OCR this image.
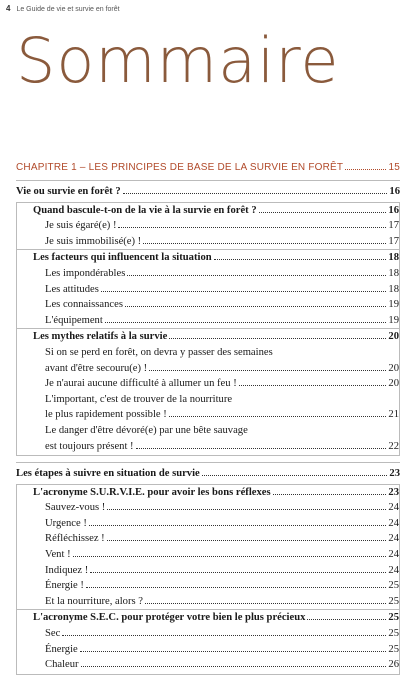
4 Le Guide de vie et survie en forêt
Sommaire
CHAPITRE 1 – LES PRINCIPES DE BASE DE LA SURVIE EN FORÊT	15
Vie ou survie en forêt ?	16
Quand bascule-t-on de la vie à la survie en forêt ?	16
Je suis égaré(e) !	17
Je suis immobilisé(e) !	17
Les facteurs qui influencent la situation	18
Les impondérables	18
Les attitudes	18
Les connaissances	19
L'équipement	19
Les mythes relatifs à la survie	20
Si on se perd en forêt, on devra y passer des semaines
avant d'être secouru(e) !	20
Je n'aurai aucune difficulté à allumer un feu !	20
L'important, c'est de trouver de la nourriture
le plus rapidement possible !	21
Le danger d'être dévoré(e) par une bête sauvage
est toujours présent !	22
Les étapes à suivre en situation de survie	23
L'acronyme S.U.R.V.I.E. pour avoir les bons réflexes	23
Sauvez-vous !	24
Urgence !	24
Réfléchissez !	24
Vent !	24
Indiquez !	24
Énergie !	25
Et la nourriture, alors ?	25
L'acronyme S.E.C. pour protéger votre bien le plus précieux	25
Sec	25
Énergie	25
Chaleur	26
